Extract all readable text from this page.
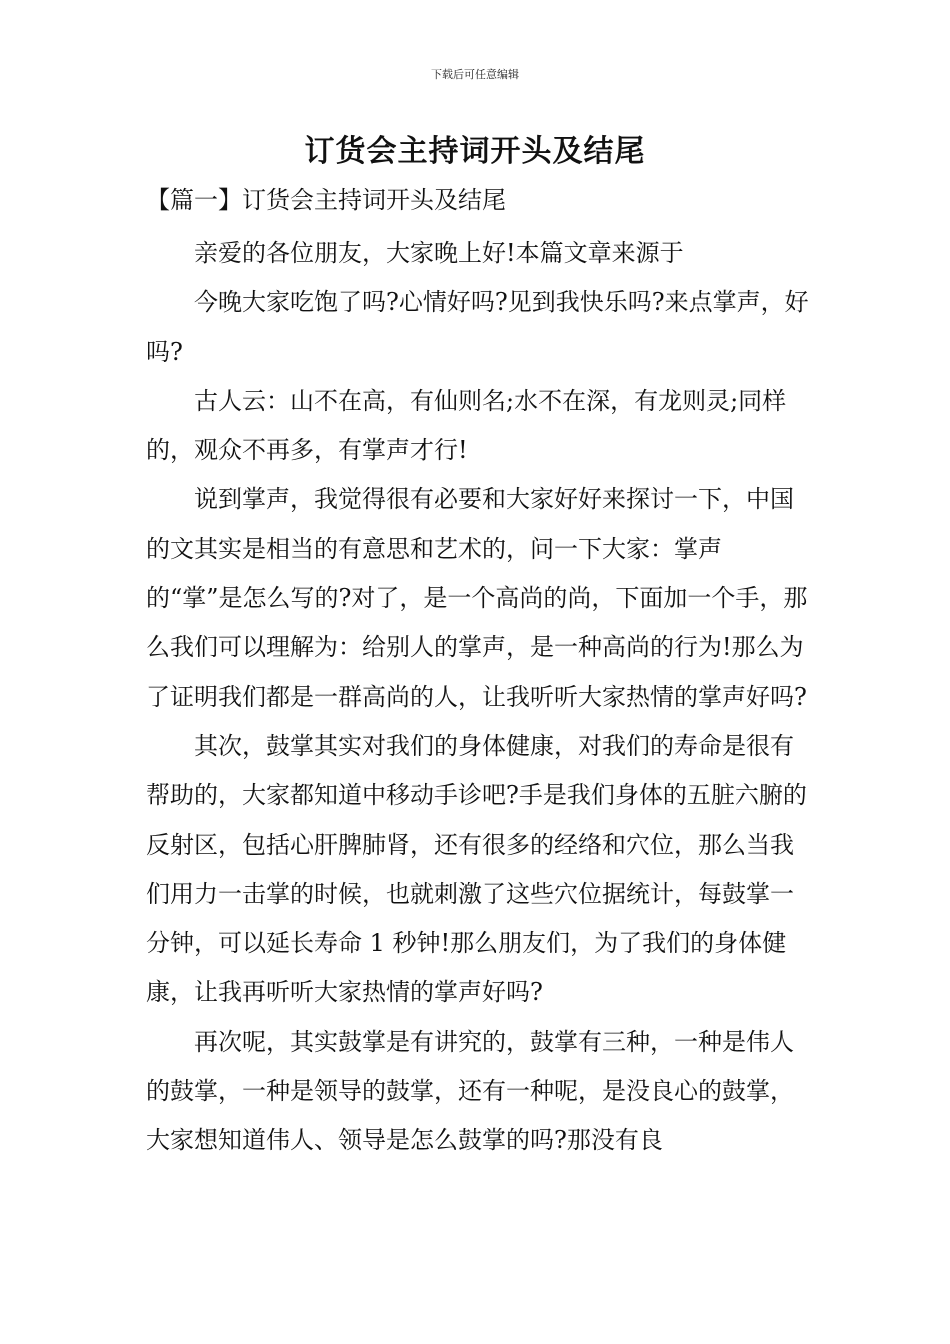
下载后可任意编辑
订货会主持词开头及结尾

【篇一】订货会主持词开头及结尾

亲爱的各位朋友，大家晚上好!本篇文章来源于

今晚大家吃饱了吗?心情好吗?见到我快乐吗?来点掌声，好吗?

古人云：山不在高，有仙则名;水不在深，有龙则灵;同样的，观众不再多，有掌声才行!

说到掌声，我觉得很有必要和大家好好来探讨一下，中国的文其实是相当的有意思和艺术的，问一下大家：掌声的“掌”是怎么写的?对了，是一个高尚的尚，下面加一个手，那么我们可以理解为：给别人的掌声，是一种高尚的行为!那么为了证明我们都是一群高尚的人，让我听听大家热情的掌声好吗?

其次，鼓掌其实对我们的身体健康，对我们的寿命是很有帮助的，大家都知道中移动手诊吧?手是我们身体的五脏六腑的反射区，包括心肝脾肺肾，还有很多的经络和穴位，那么当我们用力一击掌的时候，也就刺激了这些穴位据统计，每鼓掌一分钟，可以延长寿命 1 秒钟!那么朋友们，为了我们的身体健康，让我再听听大家热情的掌声好吗?

再次呢，其实鼓掌是有讲究的，鼓掌有三种，一种是伟人的鼓掌，一种是领导的鼓掌，还有一种呢，是没良心的鼓掌，大家想知道伟人、领导是怎么鼓掌的吗?那没有良
